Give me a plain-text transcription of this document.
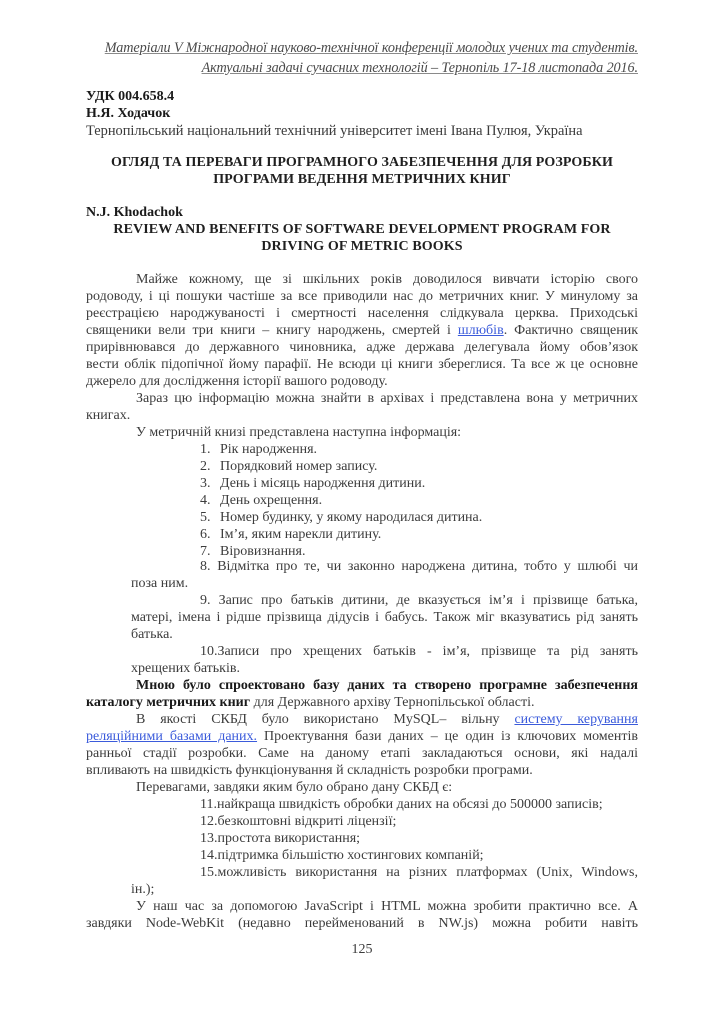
Матеріали V Міжнародної науково-технічної конференції молодих учених та студентів.
Актуальні задачі сучасних технологій – Тернопіль 17-18 листопада 2016.
УДК 004.658.4
Н.Я. Ходачок
Тернопільський національний технічний університет імені Івана Пулюя, Україна
ОГЛЯД ТА ПЕРЕВАГИ ПРОГРАМНОГО ЗАБЕЗПЕЧЕННЯ ДЛЯ РОЗРОБКИ
ПРОГРАМИ ВЕДЕННЯ МЕТРИЧНИХ КНИГ
N.J. Khodachok
REVIEW AND BENEFITS OF SOFTWARE DEVELOPMENT PROGRAM FOR
DRIVING OF METRIC BOOKS
Майже кожному, ще зі шкільних років доводилося вивчати історію свого
родоводу, і ці пошуки частіше за все приводили нас до метричних книг. У минулому за
реєстрацією народжуваності і смертності населення слідкувала церква. Приходські
священики вели три книги – книгу народжень, смертей і шлюбів. Фактично священик
прирівнювався до державного чиновника, адже держава делегувала йому обов’язок
вести облік підопічної йому парафії. Не всюди ці книги збереглися. Та все ж це основне
джерело для дослідження історії вашого родоводу.
Зараз цю інформацію можна знайти в архівах і представлена вона у метричних
книгах.
У метричній книзі представлена наступна інформація:
1. Рік народження.
2. Порядковий номер запису.
3. День і місяць народження дитини.
4. День охрещення.
5. Номер будинку, у якому народилася дитина.
6. Ім’я, яким нарекли дитину.
7. Віровизнання.
8. Відмітка про те, чи законно народжена дитина, тобто у шлюбі чи
поза ним.
9. Запис про батьків дитини, де вказується ім’я і прізвище батька,
матері, імена і рідше прізвища дідусів і бабусь. Також міг вказуватись рід занять
батька.
10.Записи про хрещених батьків - ім’я, прізвище та рід занять
хрещених батьків.
Мною було спроектовано базу даних та створено програмне забезпечення
каталогу метричних книг для Державного архіву Тернопільської області.
В якості СКБД було використано MySQL– вільну систему керування
реляційними базами даних. Проектування бази даних – це один із ключових моментів
ранньої стадії розробки. Саме на даному етапі закладаються основи, які надалі
впливають на швидкість функціонування й складність розробки програми.
Перевагами, завдяки яким було обрано дану СКБД є:
11.найкраща швидкість обробки даних на обсязі до 500000 записів;
12.безкоштовні відкриті ліцензії;
13.простота використання;
14.підтримка більшістю хостингових компаній;
15.можливість використання на різних платформах (Unix, Windows,
ін.);
У наш час за допомогою JavaScript і HTML можна зробити практично все. А
завдяки Node-WebKit (недавно перейменований в NW.js) можна робити навіть
125
